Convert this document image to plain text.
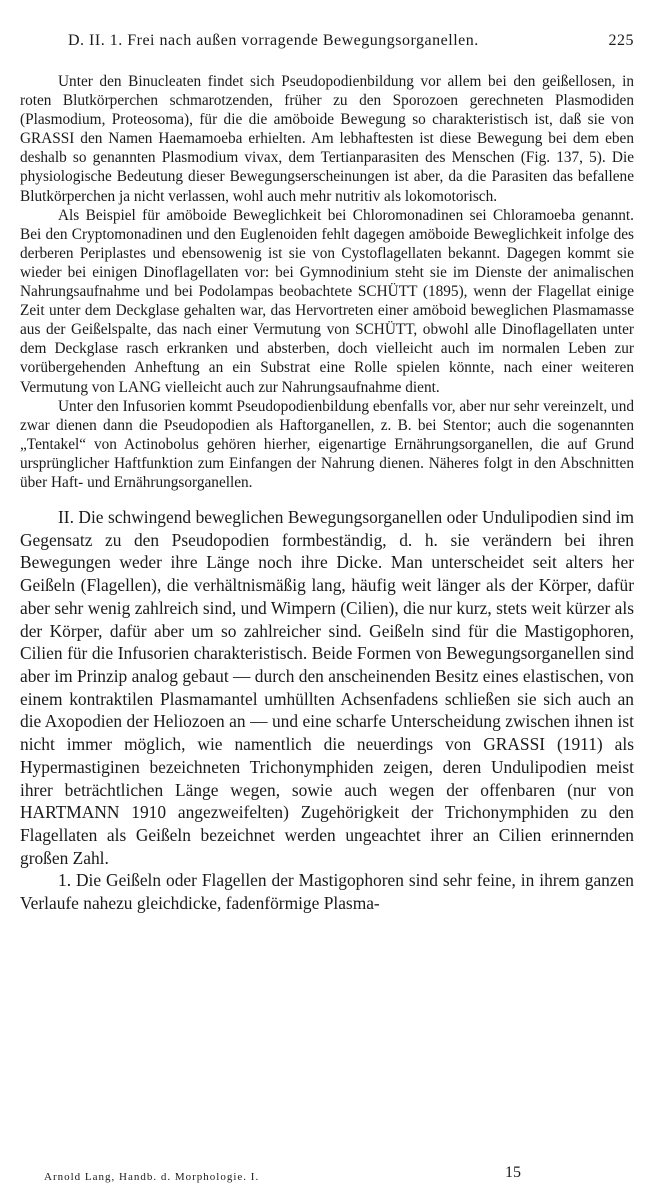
D. II. 1. Frei nach außen vorragende Bewegungsorganellen.	225

Unter den Binucleaten findet sich Pseudopodienbildung vor allem bei den geißellosen, in roten Blutkörperchen schmarotzenden, früher zu den Sporozoen gerechneten Plasmodiden (Plasmodium, Proteosoma), für die die amöboide Bewegung so charakteristisch ist, daß sie von GRASSI den Namen Haemamoeba erhielten. Am lebhaftesten ist diese Bewegung bei dem eben deshalb so genannten Plasmodium vivax, dem Tertianparasiten des Menschen (Fig. 137, 5). Die physiologische Bedeutung dieser Bewegungserscheinungen ist aber, da die Parasiten das befallene Blutkörperchen ja nicht verlassen, wohl auch mehr nutritiv als lokomotorisch.

Als Beispiel für amöboide Beweglichkeit bei Chloromonadinen sei Chloramoeba genannt. Bei den Cryptomonadinen und den Euglenoiden fehlt dagegen amöboide Beweglichkeit infolge des derberen Periplastes und ebensowenig ist sie von Cystoflagellaten bekannt. Dagegen kommt sie wieder bei einigen Dinoflagellaten vor: bei Gymnodinium steht sie im Dienste der animalischen Nahrungsaufnahme und bei Podolampas beobachtete SCHÜTT (1895), wenn der Flagellat einige Zeit unter dem Deckglase gehalten war, das Hervortreten einer amöboid beweglichen Plasmamasse aus der Geißelspalte, das nach einer Vermutung von SCHÜTT, obwohl alle Dinoflagellaten unter dem Deckglase rasch erkranken und absterben, doch vielleicht auch im normalen Leben zur vorübergehenden Anheftung an ein Substrat eine Rolle spielen könnte, nach einer weiteren Vermutung von LANG vielleicht auch zur Nahrungsaufnahme dient.

Unter den Infusorien kommt Pseudopodienbildung ebenfalls vor, aber nur sehr vereinzelt, und zwar dienen dann die Pseudopodien als Haftorganellen, z. B. bei Stentor; auch die sogenannten „Tentakel“ von Actinobolus gehören hierher, eigenartige Ernährungsorganellen, die auf Grund ursprünglicher Haftfunktion zum Einfangen der Nahrung dienen. Näheres folgt in den Abschnitten über Haft- und Ernährungsorganellen.

II. Die schwingend beweglichen Bewegungsorganellen oder Undulipodien sind im Gegensatz zu den Pseudopodien formbeständig, d. h. sie verändern bei ihren Bewegungen weder ihre Länge noch ihre Dicke. Man unterscheidet seit alters her Geißeln (Flagellen), die verhältnismäßig lang, häufig weit länger als der Körper, dafür aber sehr wenig zahlreich sind, und Wimpern (Cilien), die nur kurz, stets weit kürzer als der Körper, dafür aber um so zahlreicher sind. Geißeln sind für die Mastigophoren, Cilien für die Infusorien charakteristisch. Beide Formen von Bewegungsorganellen sind aber im Prinzip analog gebaut — durch den anscheinenden Besitz eines elastischen, von einem kontraktilen Plasmamantel umhüllten Achsenfadens schließen sie sich auch an die Axopodien der Heliozoen an — und eine scharfe Unterscheidung zwischen ihnen ist nicht immer möglich, wie namentlich die neuerdings von GRASSI (1911) als Hypermastiginen bezeichneten Trichonymphiden zeigen, deren Undulipodien meist ihrer beträchtlichen Länge wegen, sowie auch wegen der offenbaren (nur von HARTMANN 1910 angezweifelten) Zugehörigkeit der Trichonymphiden zu den Flagellaten als Geißeln bezeichnet werden ungeachtet ihrer an Cilien erinnernden großen Zahl.

1. Die Geißeln oder Flagellen der Mastigophoren sind sehr feine, in ihrem ganzen Verlaufe nahezu gleichdicke, fadenförmige Plasma-

Arnold Lang, Handb. d. Morphologie. I.	15
